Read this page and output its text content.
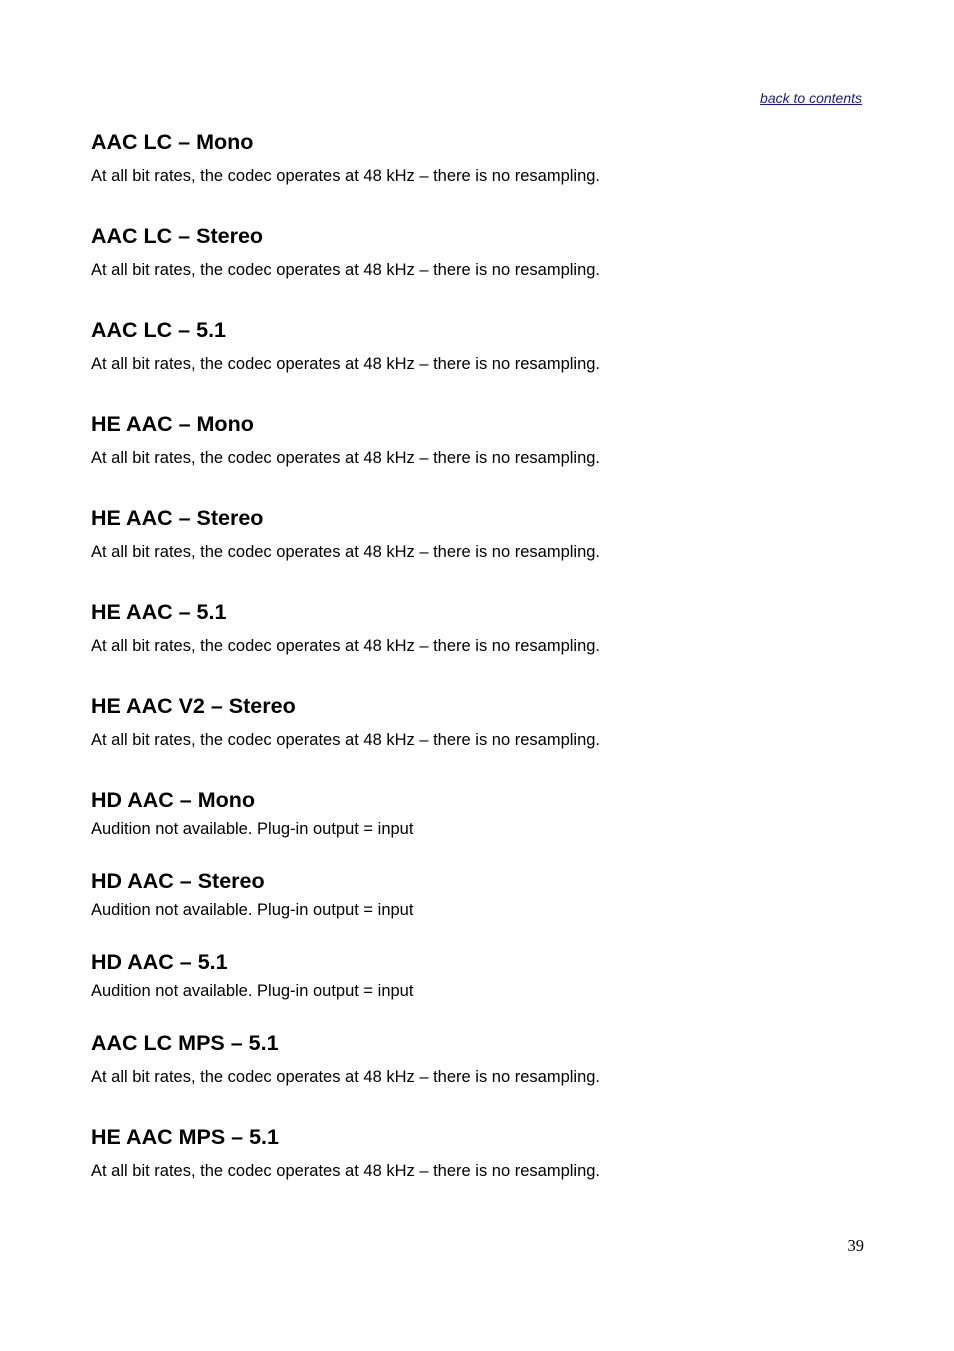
back to contents
AAC LC – Mono

At all bit rates, the codec operates at 48 kHz – there is no resampling.

AAC LC – Stereo

At all bit rates, the codec operates at 48 kHz – there is no resampling.

AAC LC – 5.1

At all bit rates, the codec operates at 48 kHz – there is no resampling.

HE AAC – Mono

At all bit rates, the codec operates at 48 kHz – there is no resampling.

HE AAC – Stereo

At all bit rates, the codec operates at 48 kHz – there is no resampling.

HE AAC – 5.1

At all bit rates, the codec operates at 48 kHz – there is no resampling.

HE AAC V2 – Stereo

At all bit rates, the codec operates at 48 kHz – there is no resampling.

HD AAC – Mono

Audition not available. Plug-in output = input

HD AAC – Stereo

Audition not available. Plug-in output = input

HD AAC – 5.1

Audition not available. Plug-in output = input

AAC LC MPS – 5.1

At all bit rates, the codec operates at 48 kHz – there is no resampling.

HE AAC MPS – 5.1

At all bit rates, the codec operates at 48 kHz – there is no resampling.

39
